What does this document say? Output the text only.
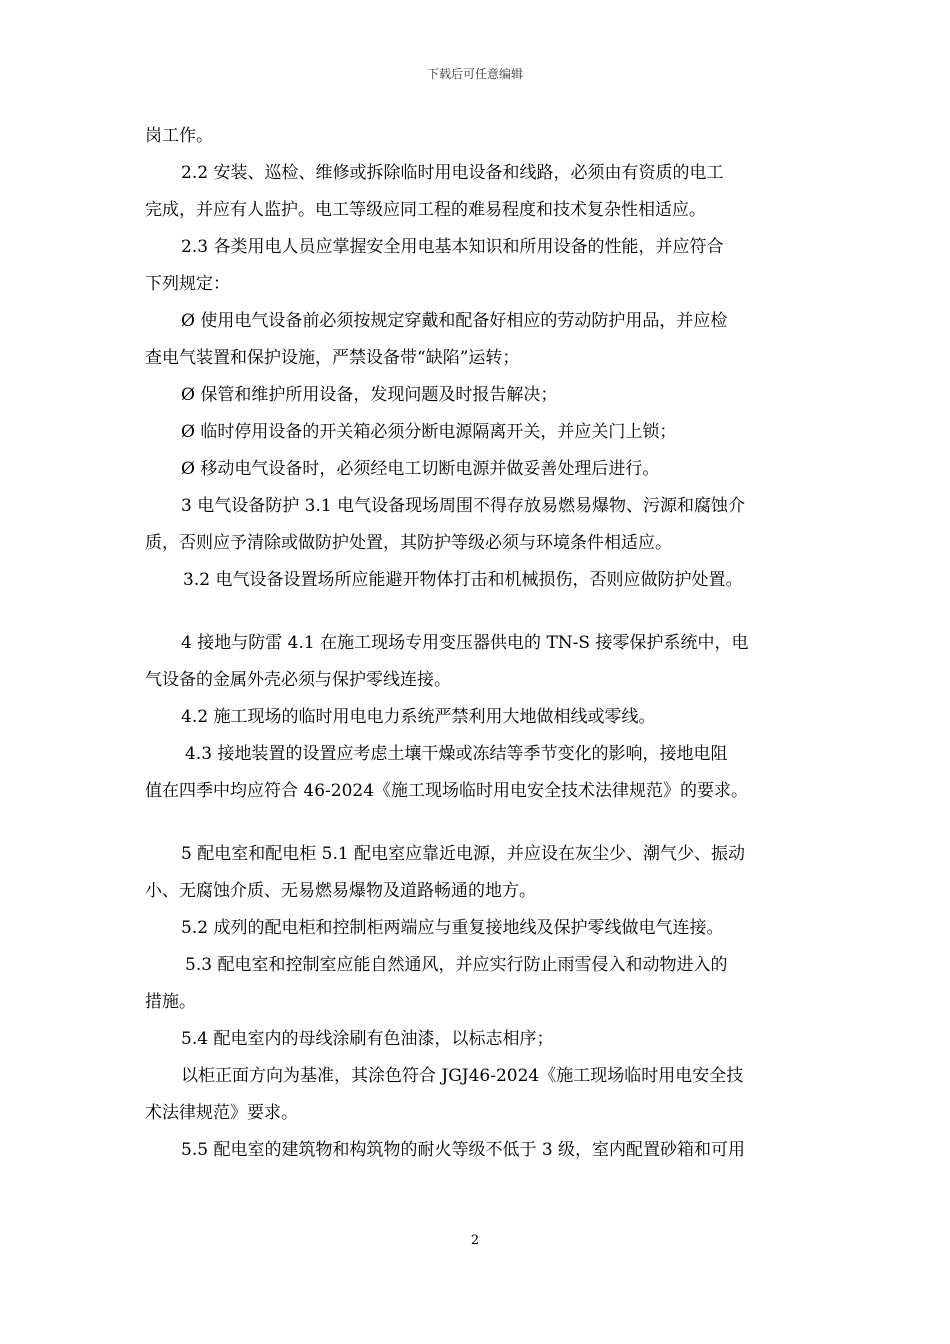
下载后可任意编辑
岗工作。
2.2 安装、巡检、维修或拆除临时用电设备和线路，必须由有资质的电工
完成，并应有人监护。电工等级应同工程的难易程度和技术复杂性相适应。
2.3 各类用电人员应掌握安全用电基本知识和所用设备的性能，并应符合
下列规定：
Ø 使用电气设备前必须按规定穿戴和配备好相应的劳动防护用品，并应检
查电气装置和保护设施，严禁设备带“缺陷”运转；
Ø 保管和维护所用设备，发现问题及时报告解决；
Ø 临时停用设备的开关箱必须分断电源隔离开关，并应关门上锁；
Ø 移动电气设备时，必须经电工切断电源并做妥善处理后进行。
3 电气设备防护 3.1 电气设备现场周围不得存放易燃易爆物、污源和腐蚀介
质，否则应予清除或做防护处置，其防护等级必须与环境条件相适应。
3.2 电气设备设置场所应能避开物体打击和机械损伤，否则应做防护处置。
4 接地与防雷 4.1 在施工现场专用变压器供电的 TN-S 接零保护系统中，电
气设备的金属外壳必须与保护零线连接。
4.2 施工现场的临时用电电力系统严禁利用大地做相线或零线。
4.3 接地装置的设置应考虑土壤干燥或冻结等季节变化的影响，接地电阻
值在四季中均应符合 46-2024《施工现场临时用电安全技术法律规范》的要求。
5 配电室和配电柜 5.1 配电室应靠近电源，并应设在灰尘少、潮气少、振动
小、无腐蚀介质、无易燃易爆物及道路畅通的地方。
5.2 成列的配电柜和控制柜两端应与重复接地线及保护零线做电气连接。
5.3 配电室和控制室应能自然通风，并应实行防止雨雪侵入和动物进入的
措施。
5.4 配电室内的母线涂刷有色油漆，以标志相序；
以柜正面方向为基准，其涂色符合 JGJ46-2024《施工现场临时用电安全技
术法律规范》要求。
5.5 配电室的建筑物和构筑物的耐火等级不低于 3 级，室内配置砂箱和可用
2
